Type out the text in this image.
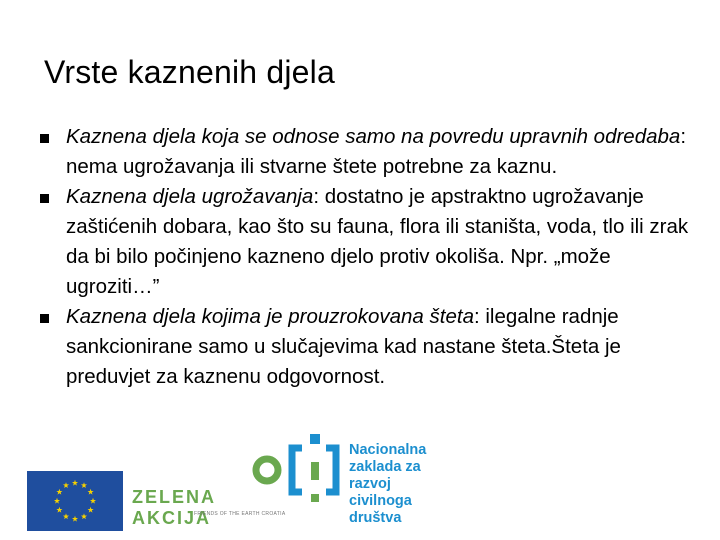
Vrste kaznenih djela
Kaznena djela koja se odnose samo na povredu upravnih odredaba: nema ugrožavanja ili stvarne štete potrebne za kaznu.
Kaznena djela ugrožavanja: dostatno je apstraktno ugrožavanje zaštićenih dobara, kao što su fauna, flora ili staništa, voda, tlo ili zrak da bi bilo počinjeno kazneno djelo protiv okoliša. Npr. „može ugroziti…”
Kaznena djela kojima je prouzrokovana šteta: ilegalne radnje sankcionirane samo u slučajevima kad nastane šteta.Šteta je preduvjet za kaznenu odgovornost.
ZELENA AKCIJA
FRIENDS OF THE EARTH CROATIA
Nacionalna
zaklada za
razvoj
civilnoga
društva
